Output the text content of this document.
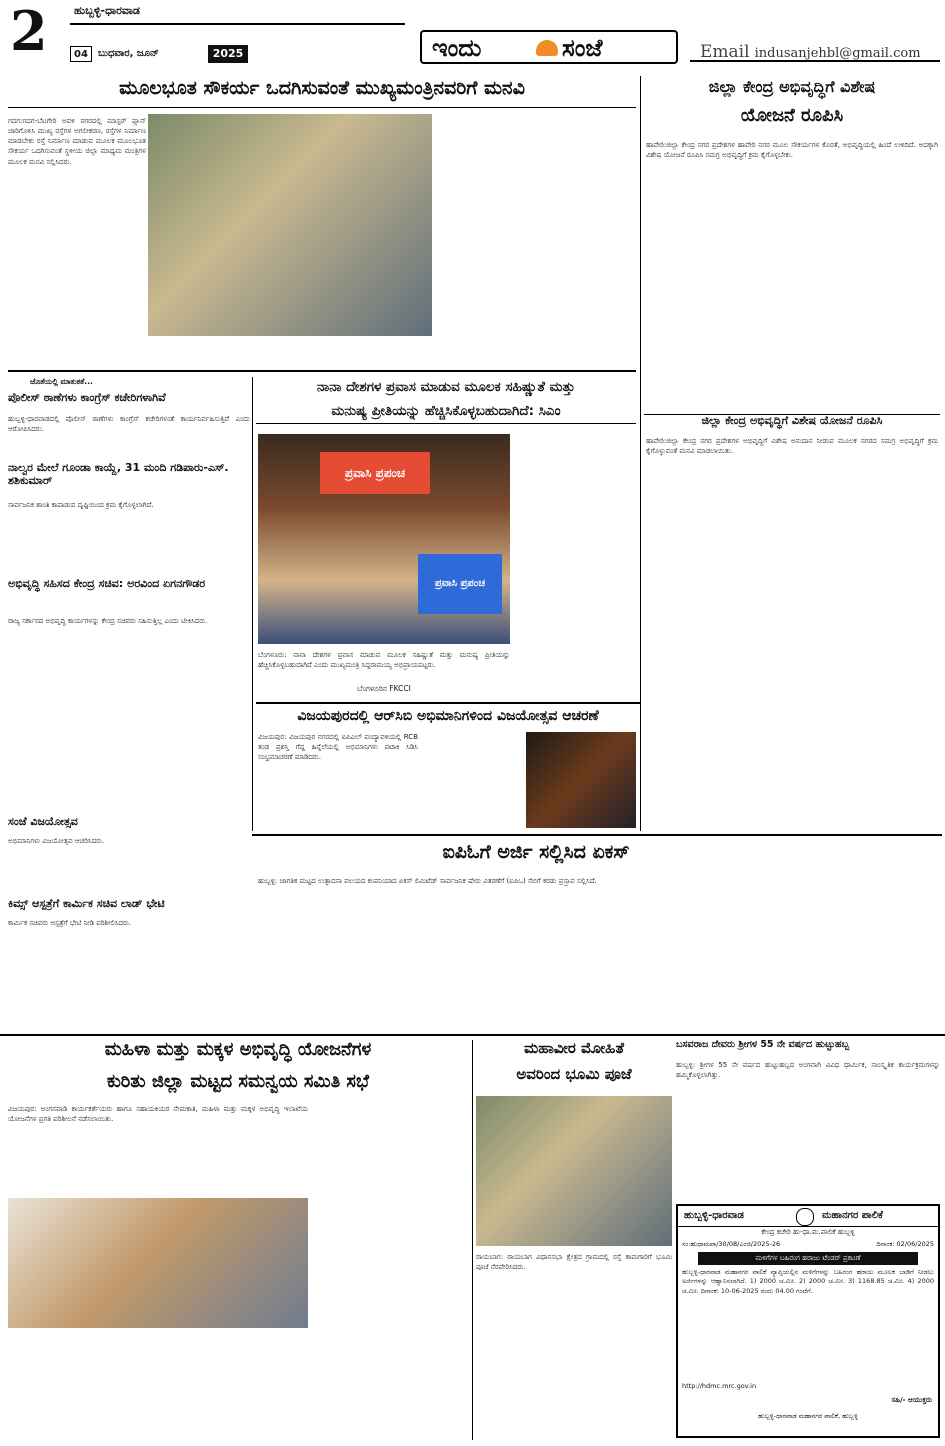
2 ಹುಬ್ಬಳ್ಳಿ-ಧಾರವಾಡ
04	ಬುಧವಾರ, ಜೂನ್	2025	ಇಂದು	ಸಂಜೆ	Email indusanjehbl@gmail.com
ಮೂಲಭೂತ ಸೌಕರ್ಯ ಒದಗಿಸುವಂತೆ ಮುಖ್ಯಮಂತ್ರಿನವರಿಗೆ ಮನವಿ
ಗದಗ:ಗದಗ-ಬೆಟಗೇರಿ ಅವಳಿ ನಗರದಲ್ಲಿ ಮಾಸ್ಟರ್ ಪ್ಲಾನ್ ಜಾರಿಗೊಳಿಸಿ ಮುಖ್ಯ ರಸ್ತೆಗಳ ಅಗಲೀಕರಣ, ರಸ್ತೆಗಳ ನಿರ್ಮಾಣ ಮಾಡಬೇಕು ರಸ್ತೆ ನಿರ್ಮಾಣ ಮಾಡುವ ಮೂಲಕ ಮೂಲಭೂತ ಸೌಕರ್ಯ ಒದಗಿಸುವಂತೆ ಸ್ಥಳೀಯ ಜಿಲ್ಲಾ ಮಾಧ್ಯಮ ಮಂತ್ರಿಗಳ ಮೂಲಕ ಮನವಿ ಸಲ್ಲಿಸಿದರು.
ಜಿಲ್ಲಾ ಕೇಂದ್ರ ಅಭಿವೃದ್ಧಿಗೆ ವಿಶೇಷ
ಯೋಜನೆ ರೂಪಿಸಿ
ಹಾವೇರಿ:ಜಿಲ್ಲಾ ಕೇಂದ್ರ ನಗರ ಪ್ರದೇಶಗಳ ಹಾವೇರಿ ನಗರ ಮೂಲ ಸೌಕರ್ಯಗಳ ಕೊರತೆ, ಅಭಿವೃದ್ಧಿಯಲ್ಲಿ ಹಿಂದೆ ಉಳಿದಿದೆ. ಅದಕ್ಕಾಗಿ ವಿಶೇಷ ಯೋಜನೆ ರೂಪಿಸಿ ಸಮಗ್ರ ಅಭಿವೃದ್ಧಿಗೆ ಕ್ರಮ ಕೈಗೊಳ್ಳಬೇಕು.
ಜಿಲ್ಲಾ ಕೇಂದ್ರ ಅಭಿವೃದ್ಧಿಗೆ ವಿಶೇಷ ಯೋಜನೆ ರೂಪಿಸಿ
ಹಾವೇರಿ:ಜಿಲ್ಲಾ ಕೇಂದ್ರ ನಗರ ಪ್ರದೇಶಗಳ ಅಭಿವೃದ್ಧಿಗೆ ವಿಶೇಷ ಅನುದಾನ ನೀಡುವ ಮೂಲಕ ನಗರದ ಸಮಗ್ರ ಅಭಿವೃದ್ಧಿಗೆ ಕ್ರಮ ಕೈಗೊಳ್ಳುವಂತೆ ಮನವಿ ಮಾಡಲಾಯಿತು.
ಜೊತೆಯಲ್ಲಿ ಮಾತುಕತೆ...
ಪೊಲೀಸ್ ಠಾಣೆಗಳು ಕಾಂಗ್ರೆಸ್ ಕಚೇರಿಗಳಾಗಿವೆ
ಹುಬ್ಬಳ್ಳಿ-ಧಾರವಾಡದಲ್ಲಿ ಪೊಲೀಸ್ ಠಾಣೆಗಳು ಕಾಂಗ್ರೆಸ್ ಕಚೇರಿಗಳಂತೆ ಕಾರ್ಯನಿರ್ವಹಿಸುತ್ತಿವೆ ಎಂದು ಆರೋಪಿಸಿದರು.
ನಾಲ್ವರ ಮೇಲೆ ಗೂಂಡಾ ಕಾಯ್ದೆ, 31 ಮಂದಿ ಗಡಿಪಾರು-ಎಸ್. ಶಶಿಕುಮಾರ್
ಸಾರ್ವಜನಿಕ ಶಾಂತಿ ಕಾಪಾಡುವ ದೃಷ್ಟಿಯಿಂದ ಕ್ರಮ ಕೈಗೊಳ್ಳಲಾಗಿದೆ.
ಅಭಿವೃದ್ಧಿ ಸಹಿಸದ ಕೇಂದ್ರ ಸಚಿವ: ಅರವಿಂದ ಏಗನಗೌಡರ
ರಾಜ್ಯ ಸರ್ಕಾರದ ಅಭಿವೃದ್ಧಿ ಕಾರ್ಯಗಳನ್ನು ಕೇಂದ್ರ ಸಚಿವರು ಸಹಿಸುತ್ತಿಲ್ಲ ಎಂದು ಟೀಕಿಸಿದರು.
ಸಂಜೆ ವಿಜಯೋತ್ಸವ
ಅಭಿಮಾನಿಗಳು ವಿಜಯೋತ್ಸವ ಆಚರಿಸಿದರು.
ಕಿಮ್ಸ್ ಆಸ್ಪತ್ರೆಗೆ ಕಾರ್ಮಿಕ ಸಚಿವ ಲಾಡ್ ಭೇಟಿ
ಕಾರ್ಮಿಕ ಸಚಿವರು ಆಸ್ಪತ್ರೆಗೆ ಭೇಟಿ ನೀಡಿ ಪರಿಶೀಲಿಸಿದರು.
ನಾನಾ ದೇಶಗಳ ಪ್ರವಾಸ ಮಾಡುವ ಮೂಲಕ ಸಹಿಷ್ಣುತೆ ಮತ್ತು
ಮನುಷ್ಯ ಪ್ರೀತಿಯನ್ನು ಹೆಚ್ಚಿಸಿಕೊಳ್ಳಬಹುದಾಗಿದೆ: ಸಿಎಂ
ಪ್ರವಾಸಿ ಪ್ರಪಂಚ
ಪ್ರವಾಸಿ ಪ್ರಪಂಚ
ಬೆಂಗಳೂರು: ನಾನಾ ದೇಶಗಳ ಪ್ರವಾಸ ಮಾಡುವ ಮೂಲಕ ಸಹಿಷ್ಣುತೆ ಮತ್ತು ಮನುಷ್ಯ ಪ್ರೀತಿಯನ್ನು ಹೆಚ್ಚಿಸಿಕೊಳ್ಳಬಹುದಾಗಿದೆ ಎಂದು ಮುಖ್ಯಮಂತ್ರಿ ಸಿದ್ದರಾಮಯ್ಯ ಅಭಿಪ್ರಾಯಪಟ್ಟರು.
ಬೆಂಗಳೂರಿನ FKCCI
ವಿಜಯಪುರದಲ್ಲಿ ಆರ್‌ಸಿಬಿ ಅಭಿಮಾನಿಗಳಿಂದ ವಿಜಯೋತ್ಸವ ಆಚರಣೆ
ವಿಜಯಪುರ: ವಿಜಯಪುರ ನಗರದಲ್ಲಿ ಐಪಿಎಲ್ ಪಂದ್ಯಾವಳಿಯಲ್ಲಿ RCB ತಂಡ ಪ್ರಶಸ್ತಿ ಗೆದ್ದ ಹಿನ್ನೆಲೆಯಲ್ಲಿ ಅಭಿಮಾನಿಗಳು ಪಟಾಕಿ ಸಿಡಿಸಿ ಸಂಭ್ರಮಾಚರಣೆ ಮಾಡಿದರು.
ಐಪಿಓಗೆ ಅರ್ಜಿ ಸಲ್ಲಿಸಿದ ಏಕಸ್
ಹುಬ್ಬಳ್ಳಿ: ಜಾಗತಿಕ ಮಟ್ಟದ ಉತ್ಪಾದನಾ ವಲಯದ ಕಂಪನಿಯಾದ ಏಕಸ್ ಲಿಮಿಟೆಡ್ ಸಾರ್ವಜನಿಕ ಷೇರು ವಿತರಣೆಗೆ (ಐಪಿಒ) ಸೆಬಿಗೆ ಕರಡು ಪ್ರಸ್ತಾವ ಸಲ್ಲಿಸಿದೆ.
ಮಹಿಳಾ ಮತ್ತು ಮಕ್ಕಳ ಅಭಿವೃದ್ಧಿ ಯೋಜನೆಗಳ
ಕುರಿತು ಜಿಲ್ಲಾ ಮಟ್ಟದ ಸಮನ್ವಯ ಸಮಿತಿ ಸಭೆ
ವಿಜಯಪುರ: ಅಂಗನವಾಡಿ ಕಾರ್ಯಕರ್ತೆಯರು ಹಾಗೂ ಸಹಾಯಕಿಯರ ನೇಮಕಾತಿ, ಮಹಿಳಾ ಮತ್ತು ಮಕ್ಕಳ ಅಭಿವೃದ್ಧಿ ಇಲಾಖೆಯ ಯೋಜನೆಗಳ ಪ್ರಗತಿ ಪರಿಶೀಲನೆ ನಡೆಸಲಾಯಿತು.
ಮಹಾವೀರ ಮೋಹಿತೆ
ಅವರಿಂದ ಭೂಮಿ ಪೂಜೆ
ರಾಯಬಾಗ: ರಾಯಬಾಗ ವಿಧಾನಸಭಾ ಕ್ಷೇತ್ರದ ಗ್ರಾಮದಲ್ಲಿ ರಸ್ತೆ ಕಾಮಗಾರಿಗೆ ಭೂಮಿ ಪೂಜೆ ನೆರವೇರಿಸಿದರು.
ಬಸವರಾಜ ದೇವರು ಶ್ರೀಗಳ 55 ನೇ ವರ್ಷದ ಹುಟ್ಟುಹಬ್ಬ
ಹುಬ್ಬಳ್ಳಿ: ಶ್ರೀಗಳ 55 ನೇ ವರ್ಷದ ಹುಟ್ಟುಹಬ್ಬದ ಅಂಗವಾಗಿ ವಿವಿಧ ಧಾರ್ಮಿಕ, ಸಾಂಸ್ಕೃತಿಕ ಕಾರ್ಯಕ್ರಮಗಳನ್ನು ಹಮ್ಮಿಕೊಳ್ಳಲಾಗಿತ್ತು.
ಹುಬ್ಬಳ್ಳಿ-ಧಾರವಾಡ	ಮಹಾನಗರ ಪಾಲಿಕೆ
ಕೇಂದ್ರ ಕಚೇರಿ ಹು-ಧಾ.ಮ.ಪಾಲಿಕೆ ಹುಬ್ಬಳ್ಳಿ
ಸಂ:ಹುಧಾಮಪಾ/30/08/ಎಂಜಿ/2025-26	ದಿನಾಂಕ: 02/06/2025
ಮಳಿಗೆಗಳ ಬಹಿರಂಗ ಹರಾಜು ಟೆಂಡರ್ ಪ್ರಕಟಣೆ
ಹುಬ್ಬಳ್ಳಿ-ಧಾರವಾಡ ಮಹಾನಗರ ಪಾಲಿಕೆ ವ್ಯಾಪ್ತಿಯಲ್ಲಿನ ಮಳಿಗೆಗಳನ್ನು ಬಹಿರಂಗ ಹರಾಜು ಮೂಲಕ ಬಾಡಿಗೆ ನೀಡಲು ಅರ್ಜಿಗಳನ್ನು ಆಹ್ವಾನಿಸಲಾಗಿದೆ. 1) 2000 ಚ.ಮೀ. 2) 2000 ಚ.ಮೀ. 3) 1168.85 ಚ.ಮೀ. 4) 2000 ಚ.ಮೀ. ದಿನಾಂಕ: 10-06-2025 ರಂದು 04.00 ಗಂಟೆಗೆ.
http://hdmc.mrc.gov.in
ಸಹಿ/- ಆಯುಕ್ತರು
ಹುಬ್ಬಳ್ಳಿ-ಧಾರವಾಡ ಮಹಾನಗರ ಪಾಲಿಕೆ, ಹುಬ್ಬಳ್ಳಿ
